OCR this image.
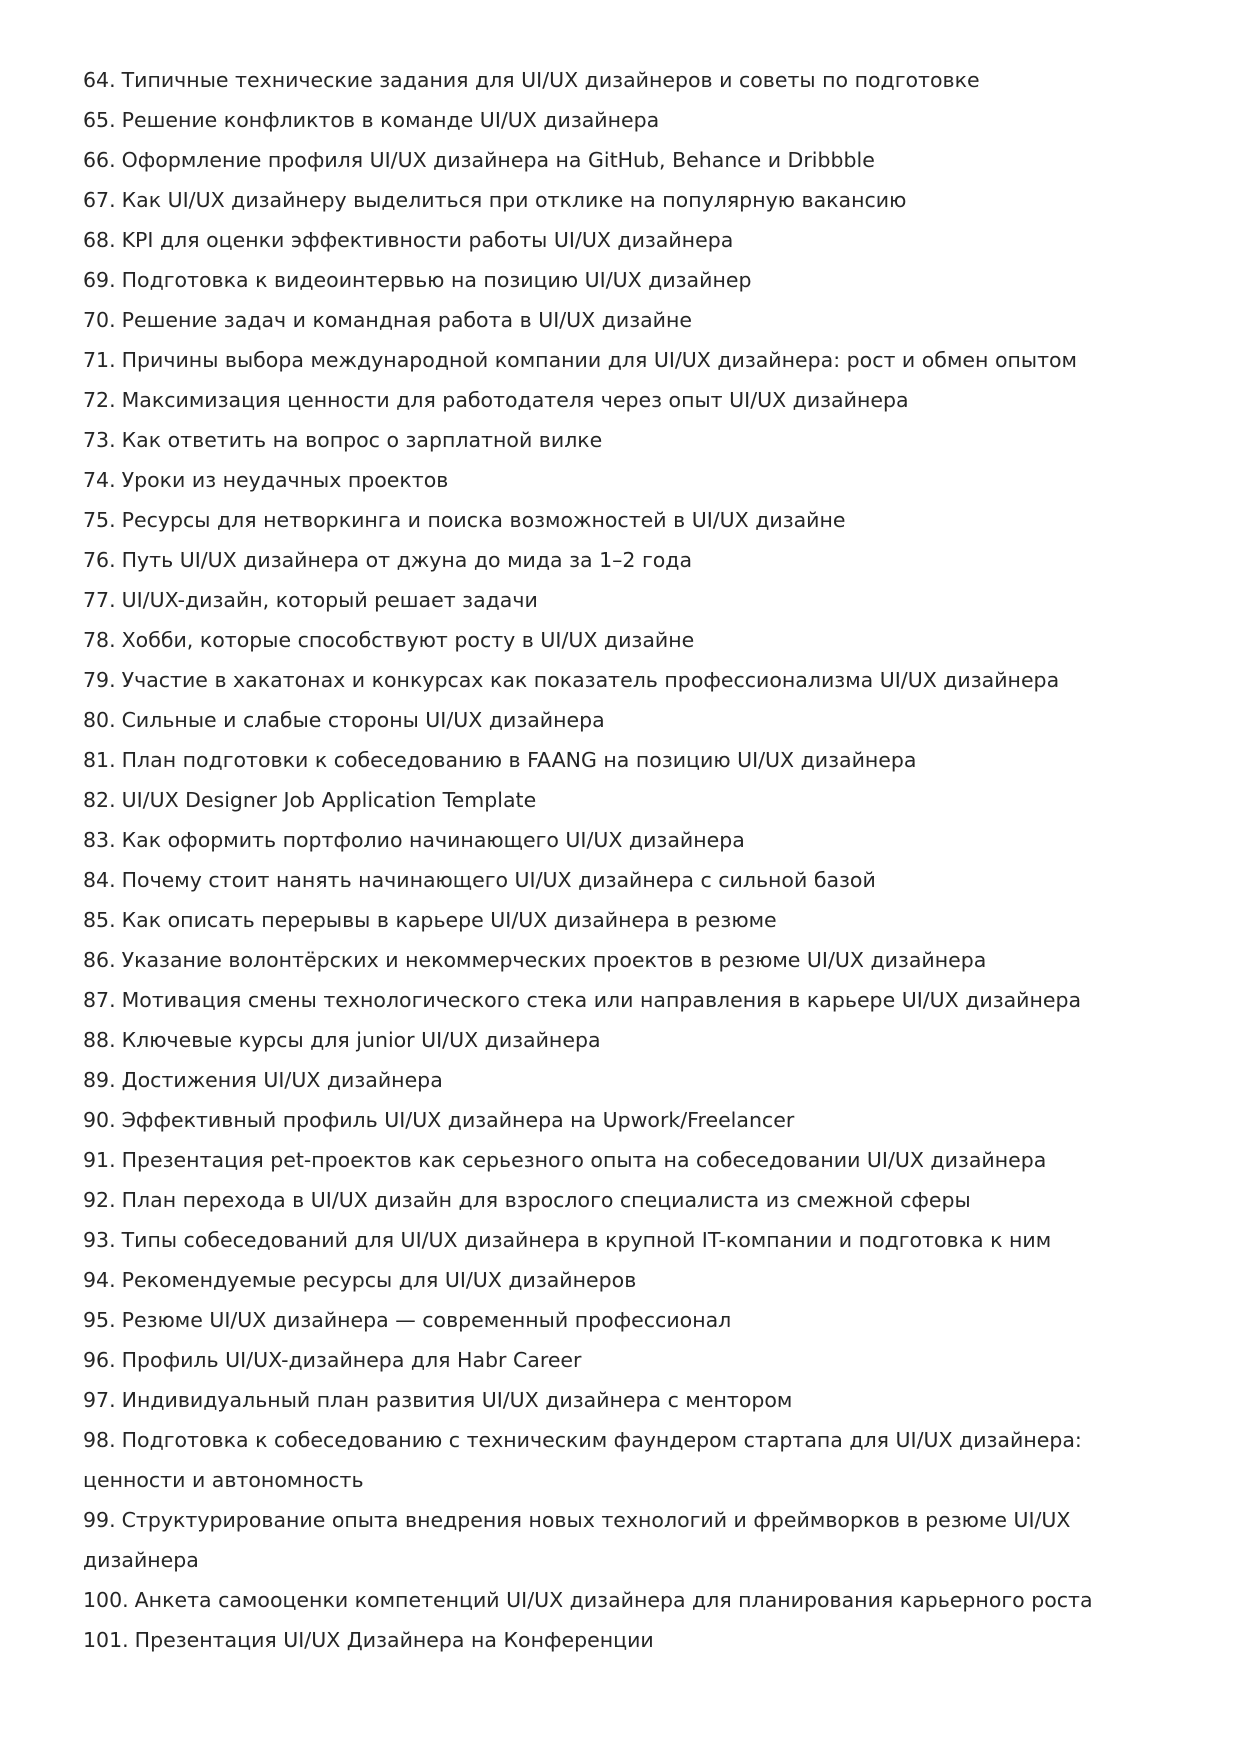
64. Типичные технические задания для UI/UX дизайнеров и советы по подготовке
65. Решение конфликтов в команде UI/UX дизайнера
66. Оформление профиля UI/UX дизайнера на GitHub, Behance и Dribbble
67. Как UI/UX дизайнеру выделиться при отклике на популярную вакансию
68. KPI для оценки эффективности работы UI/UX дизайнера
69. Подготовка к видеоинтервью на позицию UI/UX дизайнер
70. Решение задач и командная работа в UI/UX дизайне
71. Причины выбора международной компании для UI/UX дизайнера: рост и обмен опытом
72. Максимизация ценности для работодателя через опыт UI/UX дизайнера
73. Как ответить на вопрос о зарплатной вилке
74. Уроки из неудачных проектов
75. Ресурсы для нетворкинга и поиска возможностей в UI/UX дизайне
76. Путь UI/UX дизайнера от джуна до мида за 1–2 года
77. UI/UX-дизайн, который решает задачи
78. Хобби, которые способствуют росту в UI/UX дизайне
79. Участие в хакатонах и конкурсах как показатель профессионализма UI/UX дизайнера
80. Сильные и слабые стороны UI/UX дизайнера
81. План подготовки к собеседованию в FAANG на позицию UI/UX дизайнера
82. UI/UX Designer Job Application Template
83. Как оформить портфолио начинающего UI/UX дизайнера
84. Почему стоит нанять начинающего UI/UX дизайнера с сильной базой
85. Как описать перерывы в карьере UI/UX дизайнера в резюме
86. Указание волонтёрских и некоммерческих проектов в резюме UI/UX дизайнера
87. Мотивация смены технологического стека или направления в карьере UI/UX дизайнера
88. Ключевые курсы для junior UI/UX дизайнера
89. Достижения UI/UX дизайнера
90. Эффективный профиль UI/UX дизайнера на Upwork/Freelancer
91. Презентация pet-проектов как серьезного опыта на собеседовании UI/UX дизайнера
92. План перехода в UI/UX дизайн для взрослого специалиста из смежной сферы
93. Типы собеседований для UI/UX дизайнера в крупной IT-компании и подготовка к ним
94. Рекомендуемые ресурсы для UI/UX дизайнеров
95. Резюме UI/UX дизайнера — современный профессионал
96. Профиль UI/UX-дизайнера для Habr Career
97. Индивидуальный план развития UI/UX дизайнера с ментором
98. Подготовка к собеседованию с техническим фаундером стартапа для UI/UX дизайнера: ценности и автономность
99. Структурирование опыта внедрения новых технологий и фреймворков в резюме UI/UX дизайнера
100. Анкета самооценки компетенций UI/UX дизайнера для планирования карьерного роста
101. Презентация UI/UX Дизайнера на Конференции
